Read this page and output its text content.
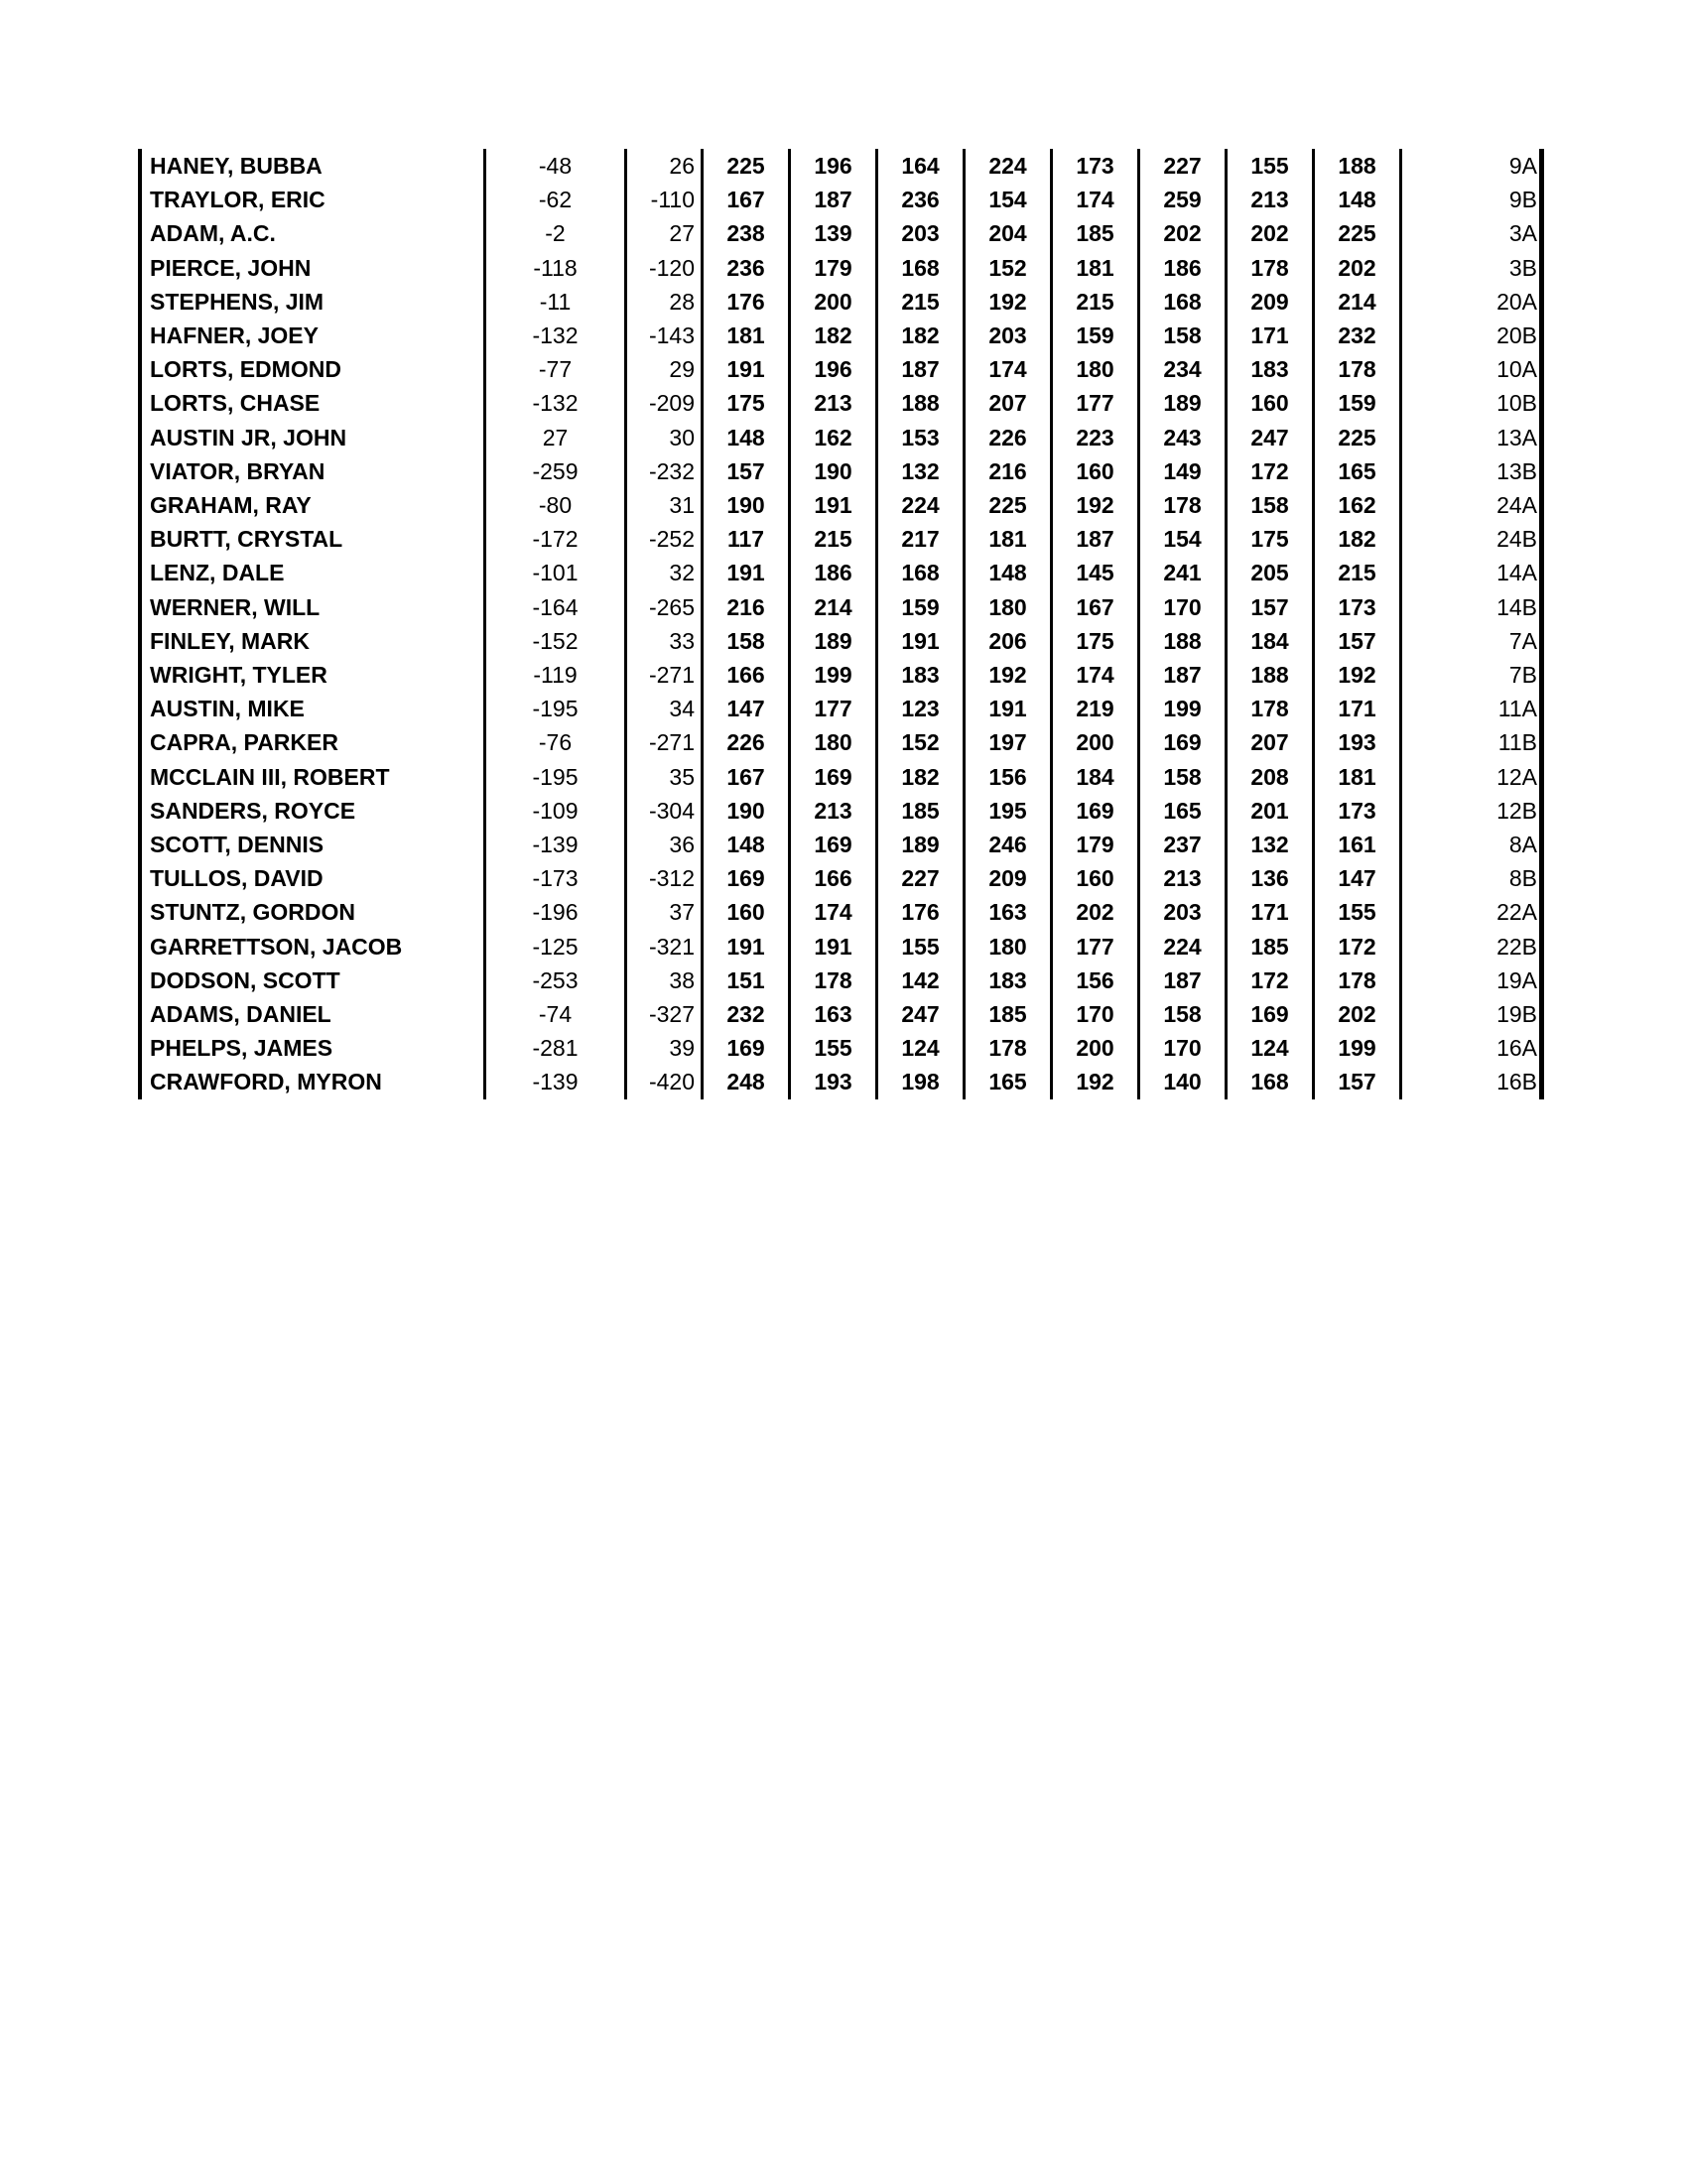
HANEY, BUBBA	-48	26	225	196	164	224	173	227	155	188	9A
TRAYLOR, ERIC	-62	-110	167	187	236	154	174	259	213	148	9B
ADAM, A.C.	-2	27	238	139	203	204	185	202	202	225	3A
PIERCE, JOHN	-118	-120	236	179	168	152	181	186	178	202	3B
STEPHENS, JIM	-11	28	176	200	215	192	215	168	209	214	20A
HAFNER, JOEY	-132	-143	181	182	182	203	159	158	171	232	20B
LORTS, EDMOND	-77	29	191	196	187	174	180	234	183	178	10A
LORTS, CHASE	-132	-209	175	213	188	207	177	189	160	159	10B
AUSTIN JR, JOHN	27	30	148	162	153	226	223	243	247	225	13A
VIATOR, BRYAN	-259	-232	157	190	132	216	160	149	172	165	13B
GRAHAM, RAY	-80	31	190	191	224	225	192	178	158	162	24A
BURTT, CRYSTAL	-172	-252	117	215	217	181	187	154	175	182	24B
LENZ, DALE	-101	32	191	186	168	148	145	241	205	215	14A
WERNER, WILL	-164	-265	216	214	159	180	167	170	157	173	14B
FINLEY, MARK	-152	33	158	189	191	206	175	188	184	157	7A
WRIGHT, TYLER	-119	-271	166	199	183	192	174	187	188	192	7B
AUSTIN, MIKE	-195	34	147	177	123	191	219	199	178	171	11A
CAPRA, PARKER	-76	-271	226	180	152	197	200	169	207	193	11B
MCCLAIN III, ROBERT	-195	35	167	169	182	156	184	158	208	181	12A
SANDERS, ROYCE	-109	-304	190	213	185	195	169	165	201	173	12B
SCOTT, DENNIS	-139	36	148	169	189	246	179	237	132	161	8A
TULLOS, DAVID	-173	-312	169	166	227	209	160	213	136	147	8B
STUNTZ, GORDON	-196	37	160	174	176	163	202	203	171	155	22A
GARRETTSON, JACOB	-125	-321	191	191	155	180	177	224	185	172	22B
DODSON, SCOTT	-253	38	151	178	142	183	156	187	172	178	19A
ADAMS, DANIEL	-74	-327	232	163	247	185	170	158	169	202	19B
PHELPS, JAMES	-281	39	169	155	124	178	200	170	124	199	16A
CRAWFORD, MYRON	-139	-420	248	193	198	165	192	140	168	157	16B
